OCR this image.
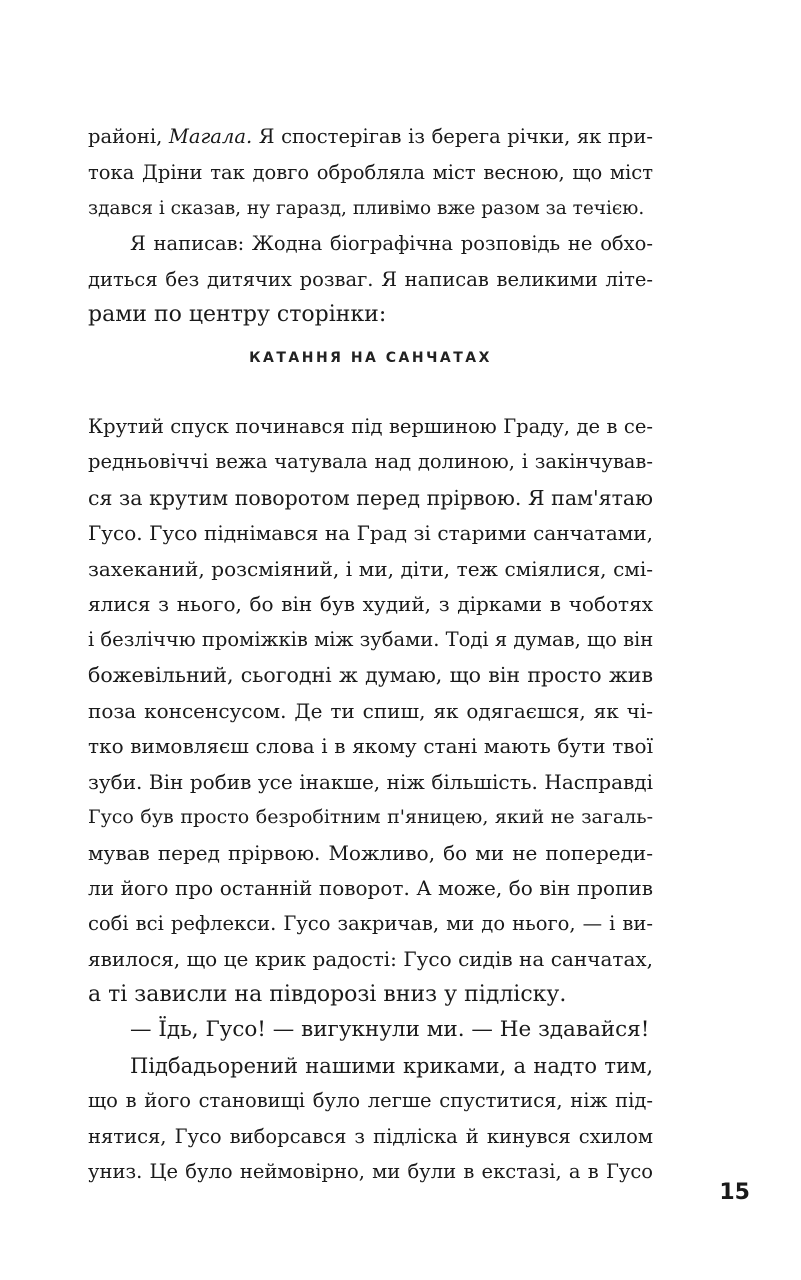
районі, Магала. Я спостерігав із берега річки, як при-
тока Дріни так довго обробляла міст весною, що міст
здався і сказав, ну гаразд, пливімо вже разом за течією.
Я написав: Жодна біографічна розповідь не обхо-
диться без дитячих розваг. Я написав великими літе-
рами по центру сторінки:
КАТАННЯ НА САНЧАТАХ
Крутий спуск починався під вершиною Граду, де в се-
редньовіччі вежа чатувала над долиною, і закінчував-
ся за крутим поворотом перед прірвою. Я пам'ятаю
Гусо. Гусо піднімався на Град зі старими санчатами,
захеканий, розсміяний, і ми, діти, теж сміялися, смі-
ялися з нього, бо він був худий, з дірками в чоботях
і безліччю проміжків між зубами. Тоді я думав, що він
божевільний, сьогодні ж думаю, що він просто жив
поза консенсусом. Де ти спиш, як одягаєшся, як чі-
тко вимовляєш слова і в якому стані мають бути твої
зуби. Він робив усе інакше, ніж більшість. Насправді
Гусо був просто безробітним п'яницею, який не загаль-
мував перед прірвою. Можливо, бо ми не попереди-
ли його про останній поворот. А може, бо він пропив
собі всі рефлекси. Гусо закричав, ми до нього, — і ви-
явилося, що це крик радості: Гусо сидів на санчатах,
а ті зависли на півдорозі вниз у підліску.
— Їдь, Гусо! — вигукнули ми. — Не здавайся!
Підбадьорений нашими криками, а надто тим,
що в його становищі було легше спуститися, ніж під-
нятися, Гусо виборсався з підліска й кинувся схилом
униз. Це було неймовірно, ми були в екстазі, а в Гусо
15
